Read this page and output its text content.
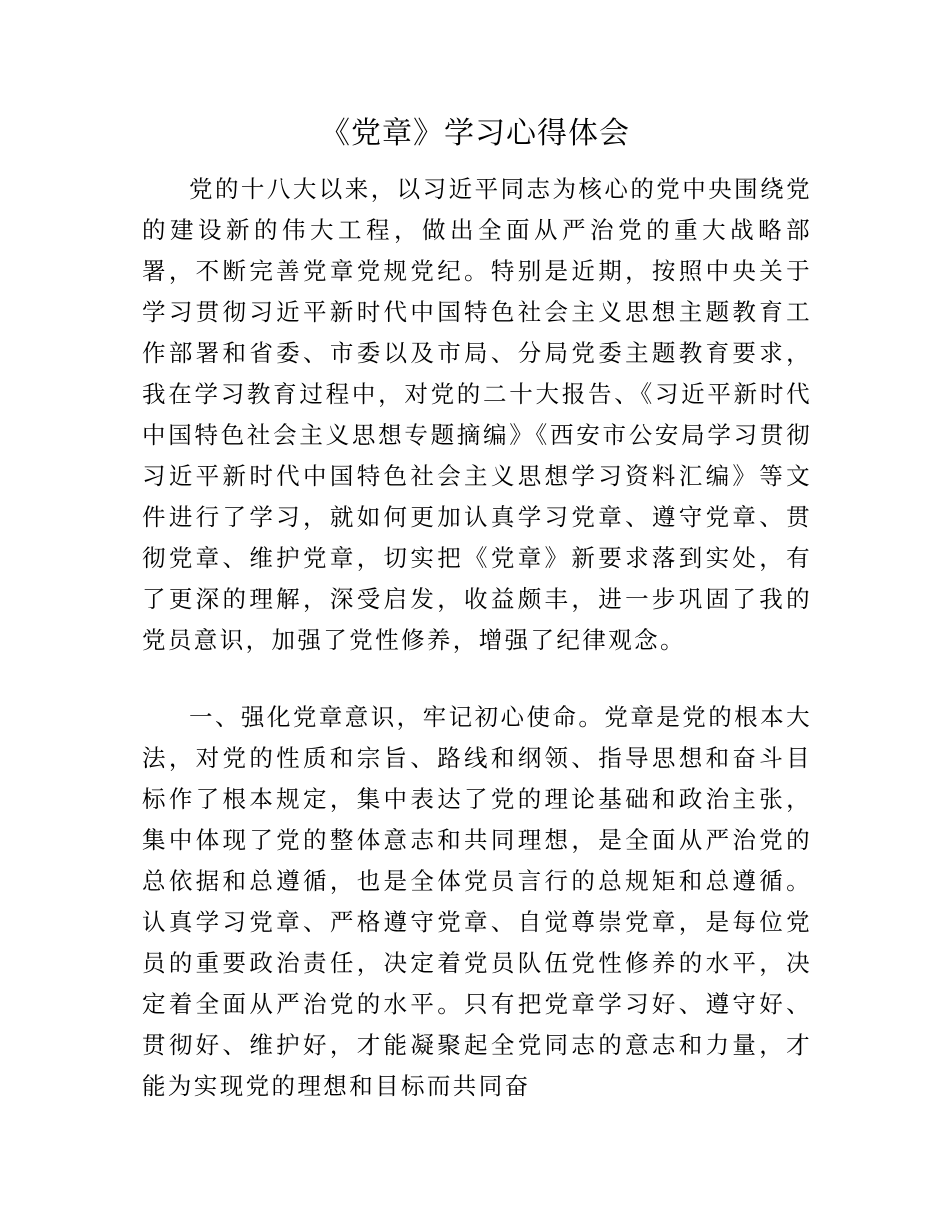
《党章》学习心得体会

党的十八大以来，以习近平同志为核心的党中央围绕党的建设新的伟大工程，做出全面从严治党的重大战略部署，不断完善党章党规党纪。特别是近期，按照中央关于学习贯彻习近平新时代中国特色社会主义思想主题教育工作部署和省委、市委以及市局、分局党委主题教育要求，我在学习教育过程中，对党的二十大报告、《习近平新时代中国特色社会主义思想专题摘编》《西安市公安局学习贯彻习近平新时代中国特色社会主义思想学习资料汇编》等文件进行了学习，就如何更加认真学习党章、遵守党章、贯彻党章、维护党章，切实把《党章》新要求落到实处，有了更深的理解，深受启发，收益颇丰，进一步巩固了我的党员意识，加强了党性修养，增强了纪律观念。

一、强化党章意识，牢记初心使命。党章是党的根本大法，对党的性质和宗旨、路线和纲领、指导思想和奋斗目标作了根本规定，集中表达了党的理论基础和政治主张，集中体现了党的整体意志和共同理想，是全面从严治党的总依据和总遵循，也是全体党员言行的总规矩和总遵循。认真学习党章、严格遵守党章、自觉尊崇党章，是每位党员的重要政治责任，决定着党员队伍党性修养的水平，决定着全面从严治党的水平。只有把党章学习好、遵守好、贯彻好、维护好，才能凝聚起全党同志的意志和力量，才能为实现党的理想和目标而共同奋
